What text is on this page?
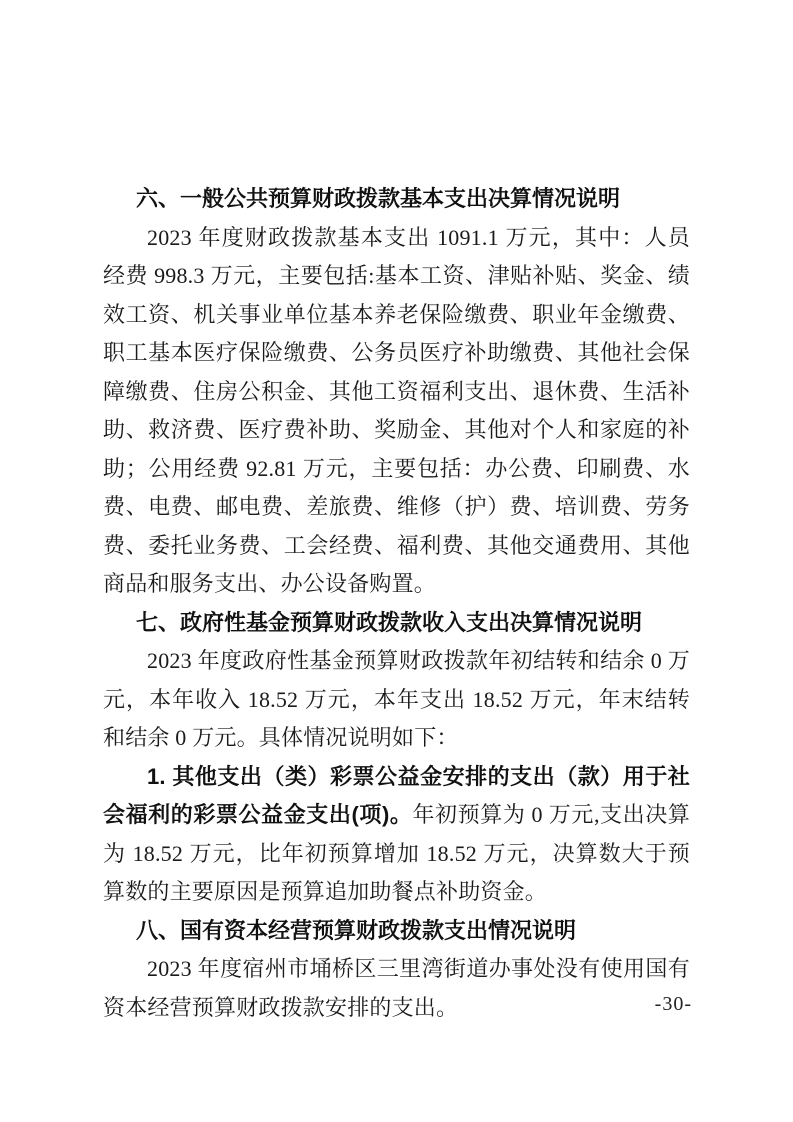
六、一般公共预算财政拨款基本支出决算情况说明

2023 年度财政拨款基本支出 1091.1 万元，其中：人员经费 998.3 万元，主要包括:基本工资、津贴补贴、奖金、绩效工资、机关事业单位基本养老保险缴费、职业年金缴费、职工基本医疗保险缴费、公务员医疗补助缴费、其他社会保障缴费、住房公积金、其他工资福利支出、退休费、生活补助、救济费、医疗费补助、奖励金、其他对个人和家庭的补助；公用经费 92.81 万元，主要包括：办公费、印刷费、水费、电费、邮电费、差旅费、维修（护）费、培训费、劳务费、委托业务费、工会经费、福利费、其他交通费用、其他商品和服务支出、办公设备购置。

七、政府性基金预算财政拨款收入支出决算情况说明

2023 年度政府性基金预算财政拨款年初结转和结余 0 万元，本年收入 18.52 万元，本年支出 18.52 万元，年末结转和结余 0 万元。具体情况说明如下：

1. 其他支出（类）彩票公益金安排的支出（款）用于社会福利的彩票公益金支出(项)。年初预算为 0 万元,支出决算为 18.52 万元，比年初预算增加 18.52 万元，决算数大于预算数的主要原因是预算追加助餐点补助资金。

八、国有资本经营预算财政拨款支出情况说明

2023 年度宿州市埇桥区三里湾街道办事处没有使用国有资本经营预算财政拨款安排的支出。	-30-
